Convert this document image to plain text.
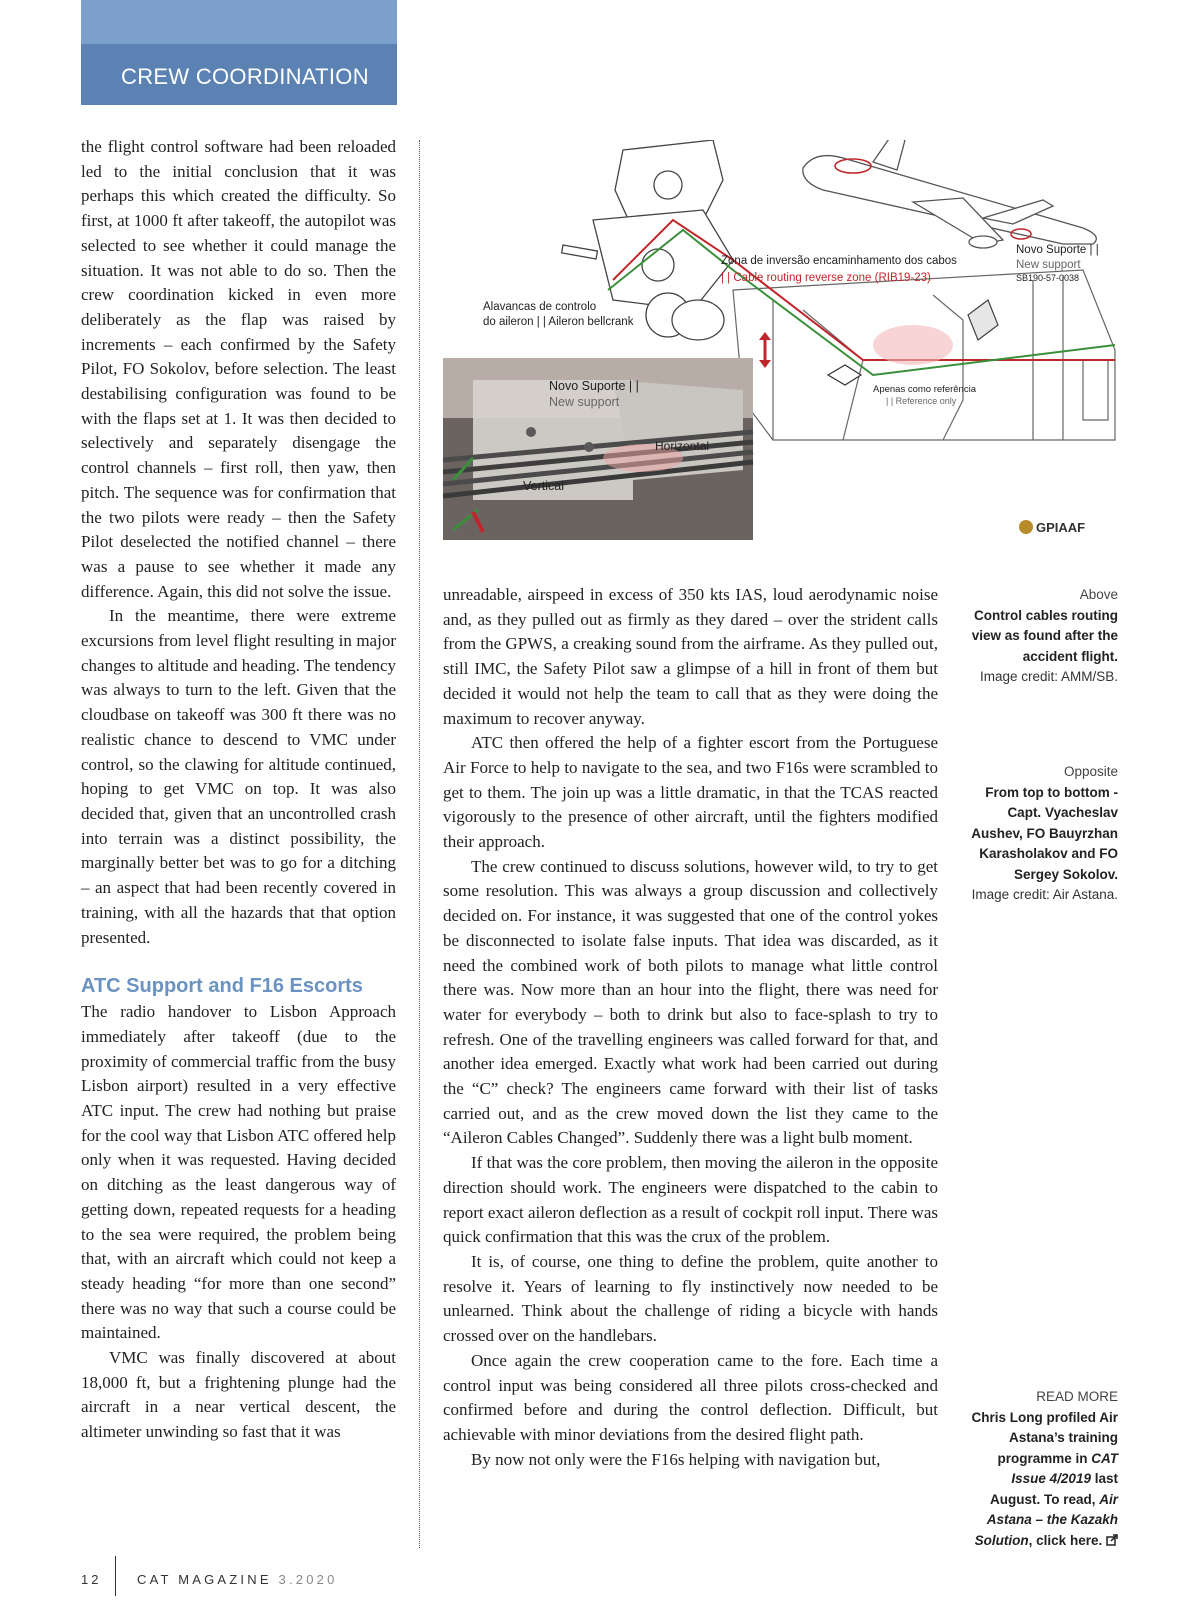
CREW COORDINATION

the flight control software had been reloaded led to the initial conclusion that it was perhaps this which created the difficulty. So first, at 1000 ft after takeoff, the autopilot was selected to see whether it could manage the situation. It was not able to do so. Then the crew coordination kicked in even more deliberately as the flap was raised by increments – each confirmed by the Safety Pilot, FO Sokolov, before selection. The least destabilising configuration was found to be with the flaps set at 1. It was then decided to selectively and separately disengage the control channels – first roll, then yaw, then pitch. The sequence was for confirmation that the two pilots were ready – then the Safety Pilot deselected the notified channel – there was a pause to see whether it made any difference. Again, this did not solve the issue.

In the meantime, there were extreme excursions from level flight resulting in major changes to altitude and heading. The tendency was always to turn to the left. Given that the cloudbase on takeoff was 300 ft there was no realistic chance to descend to VMC under control, so the clawing for altitude continued, hoping to get VMC on top. It was also decided that, given that an uncontrolled crash into terrain was a distinct possibility, the marginally better bet was to go for a ditching – an aspect that had been recently covered in training, with all the hazards that that option presented.

ATC Support and F16 Escorts

The radio handover to Lisbon Approach immediately after takeoff (due to the proximity of commercial traffic from the busy Lisbon airport) resulted in a very effective ATC input. The crew had nothing but praise for the cool way that Lisbon ATC offered help only when it was requested. Having decided on ditching as the least dangerous way of getting down, repeated requests for a heading to the sea were required, the problem being that, with an aircraft which could not keep a steady heading “for more than one second” there was no way that such a course could be maintained.

VMC was finally discovered at about 18,000 ft, but a frightening plunge had the aircraft in a near vertical descent, the altimeter unwinding so fast that it was

Zona de inversão encaminhamento dos cabos
| | Cable routing reverse zone (RIB19-23)
Novo Suporte | |
New support
SB190-57-0038
Alavancas de controlo
do aileron | | Aileron bellcrank
Apenas como referência
| | Reference only
Novo Suporte | |
New support
Horizontal
Vertical
GPIAAF

unreadable, airspeed in excess of 350 kts IAS, loud aerodynamic noise and, as they pulled out as firmly as they dared – over the strident calls from the GPWS, a creaking sound from the airframe. As they pulled out, still IMC, the Safety Pilot saw a glimpse of a hill in front of them but decided it would not help the team to call that as they were doing the maximum to recover anyway.

ATC then offered the help of a fighter escort from the Portuguese Air Force to help to navigate to the sea, and two F16s were scrambled to get to them. The join up was a little dramatic, in that the TCAS reacted vigorously to the presence of other aircraft, until the fighters modified their approach.

The crew continued to discuss solutions, however wild, to try to get some resolution. This was always a group discussion and collectively decided on. For instance, it was suggested that one of the control yokes be disconnected to isolate false inputs. That idea was discarded, as it need the combined work of both pilots to manage what little control there was. Now more than an hour into the flight, there was need for water for everybody – both to drink but also to face-splash to try to refresh. One of the travelling engineers was called forward for that, and another idea emerged. Exactly what work had been carried out during the “C” check? The engineers came forward with their list of tasks carried out, and as the crew moved down the list they came to the “Aileron Cables Changed”. Suddenly there was a light bulb moment.

If that was the core problem, then moving the aileron in the opposite direction should work. The engineers were dispatched to the cabin to report exact aileron deflection as a result of cockpit roll input. There was quick confirmation that this was the crux of the problem.

It is, of course, one thing to define the problem, quite another to resolve it. Years of learning to fly instinctively now needed to be unlearned. Think about the challenge of riding a bicycle with hands crossed over on the handlebars.

Once again the crew cooperation came to the fore. Each time a control input was being considered all three pilots cross-checked and confirmed before and during the control deflection. Difficult, but achievable with minor deviations from the desired flight path.

By now not only were the F16s helping with navigation but,

Above
Control cables routing view as found after the accident flight.
Image credit: AMM/SB.
Opposite
From top to bottom - Capt. Vyacheslav Aushev, FO Bauyrzhan Karasholakov and FO Sergey Sokolov.
Image credit: Air Astana.
READ MORE
Chris Long profiled Air Astana’s training programme in CAT Issue 4/2019 last August. To read, Air Astana – the Kazakh Solution, click here.
12	CAT MAGAZINE 3.2020
